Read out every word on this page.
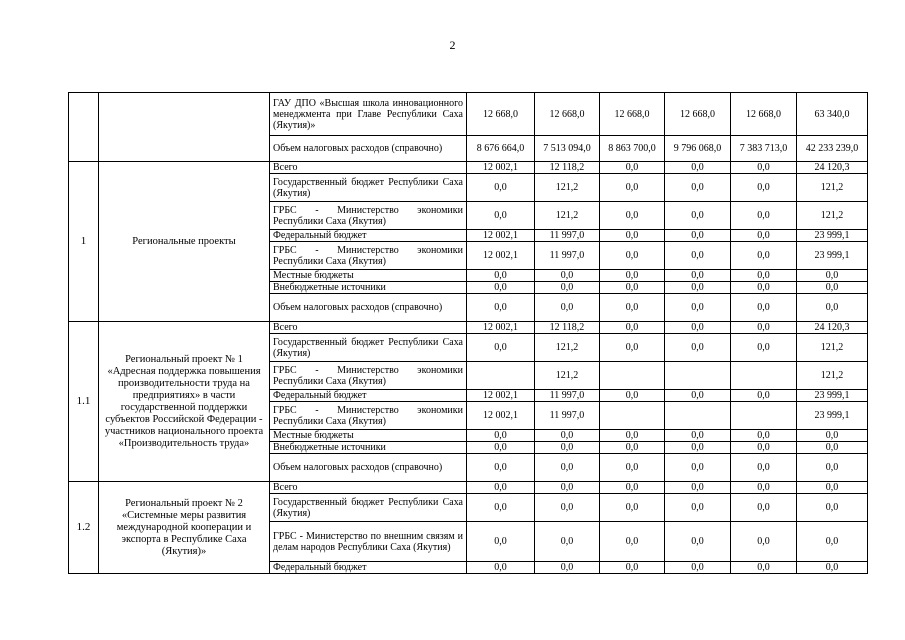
2
		ГАУ ДПО «Высшая школа инновационного менеджмента при Главе Республики Саха (Якутия)»	12 668,0	12 668,0	12 668,0	12 668,0	12 668,0	63 340,0
		Объем налоговых расходов (справочно)	8 676 664,0	7 513 094,0	8 863 700,0	9 796 068,0	7 383 713,0	42 233 239,0
1	Региональные проекты	Всего	12 002,1	12 118,2	0,0	0,0	0,0	24 120,3
		Государственный бюджет Республики Саха (Якутия)	0,0	121,2	0,0	0,0	0,0	121,2
		ГРБС - Министерство экономики Республики Саха (Якутия)	0,0	121,2	0,0	0,0	0,0	121,2
		Федеральный бюджет	12 002,1	11 997,0	0,0	0,0	0,0	23 999,1
		ГРБС - Министерство экономики Республики Саха (Якутия)	12 002,1	11 997,0	0,0	0,0	0,0	23 999,1
		Местные бюджеты	0,0	0,0	0,0	0,0	0,0	0,0
		Внебюджетные источники	0,0	0,0	0,0	0,0	0,0	0,0
		Объем налоговых расходов (справочно)	0,0	0,0	0,0	0,0	0,0	0,0
1.1	Региональный проект № 1 «Адресная поддержка повышения производительности труда на предприятиях» в части государственной поддержки субъектов Российской Федерации - участников национального проекта «Производительность труда»	Всего	12 002,1	12 118,2	0,0	0,0	0,0	24 120,3
		Государственный бюджет Республики Саха (Якутия)	0,0	121,2	0,0	0,0	0,0	121,2
		ГРБС - Министерство экономики Республики Саха (Якутия)		121,2				121,2
		Федеральный бюджет	12 002,1	11 997,0	0,0	0,0	0,0	23 999,1
		ГРБС - Министерство экономики Республики Саха (Якутия)	12 002,1	11 997,0				23 999,1
		Местные бюджеты	0,0	0,0	0,0	0,0	0,0	0,0
		Внебюджетные источники	0,0	0,0	0,0	0,0	0,0	0,0
		Объем налоговых расходов (справочно)	0,0	0,0	0,0	0,0	0,0	0,0
1.2	Региональный проект № 2 «Системные меры развития международной кооперации и экспорта в Республике Саха (Якутия)»	Всего	0,0	0,0	0,0	0,0	0,0	0,0
		Государственный бюджет Республики Саха (Якутия)	0,0	0,0	0,0	0,0	0,0	0,0
		ГРБС - Министерство по внешним связям и делам народов Республики Саха (Якутия)	0,0	0,0	0,0	0,0	0,0	0,0
		Федеральный бюджет	0,0	0,0	0,0	0,0	0,0	0,0
